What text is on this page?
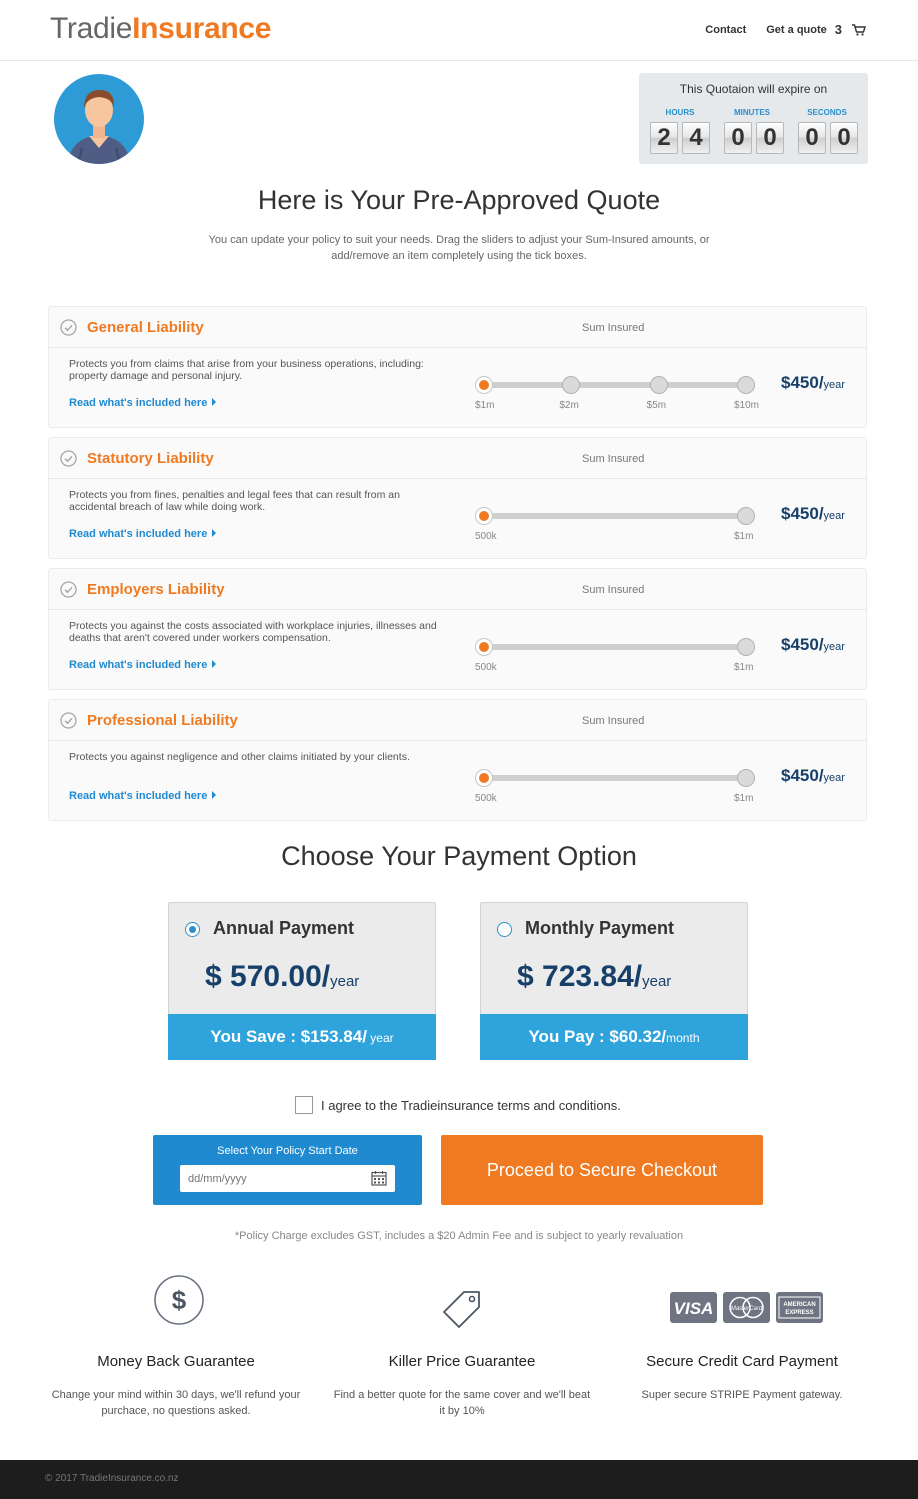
TradieInsurance	Contact Get a quote 3
This Quotaion will expire on
HOURS	MINUTES	SECONDS
2 4	0 0	0 0
Here is Your Pre-Approved Quote
You can update your policy to suit your needs. Drag the sliders to adjust your Sum-Insured amounts, or add/remove an item completely using the tick boxes.
General Liability	Sum Insured
Protects you from claims that arise from your business operations, including: property damage and personal injury.
Read what's included here	$1m	$2m	$5m	$10m
$450/year
Statutory Liability	Sum Insured
Protects you from fines, penalties and legal fees that can result from an accidental breach of law while doing work.
Read what's included here	500k	$1m
$450/year
Employers Liability	Sum Insured
Protects you against the costs associated with workplace injuries, illnesses and deaths that aren't covered under workers compensation.
Read what's included here	500k	$1m
$450/year
Professional Liability	Sum Insured
Protects you against negligence and other claims initiated by your clients.
Read what's included here	500k	$1m
$450/year
Choose Your Payment Option
Annual Payment
$ 570.00/year
You Save : $153.84/ year
Monthly Payment
$ 723.84/year
You Pay : $60.32/month
I agree to the Tradieinsurance terms and conditions.
Select Your Policy Start Date
dd/mm/yyyy
Proceed to Secure Checkout
*Policy Charge excludes GST, includes a $20 Admin Fee and is subject to yearly revaluation
$
Money Back Guarantee
Change your mind within 30 days, we'll refund your purchace, no questions asked.
Killer Price Guarantee
Find a better quote for the same cover and we'll beat it by 10%
VISA	MasterCard
AMERICAN
EXPRESS
Secure Credit Card Payment
Super secure STRIPE Payment gateway.
© 2017 TradieInsurance.co.nz
